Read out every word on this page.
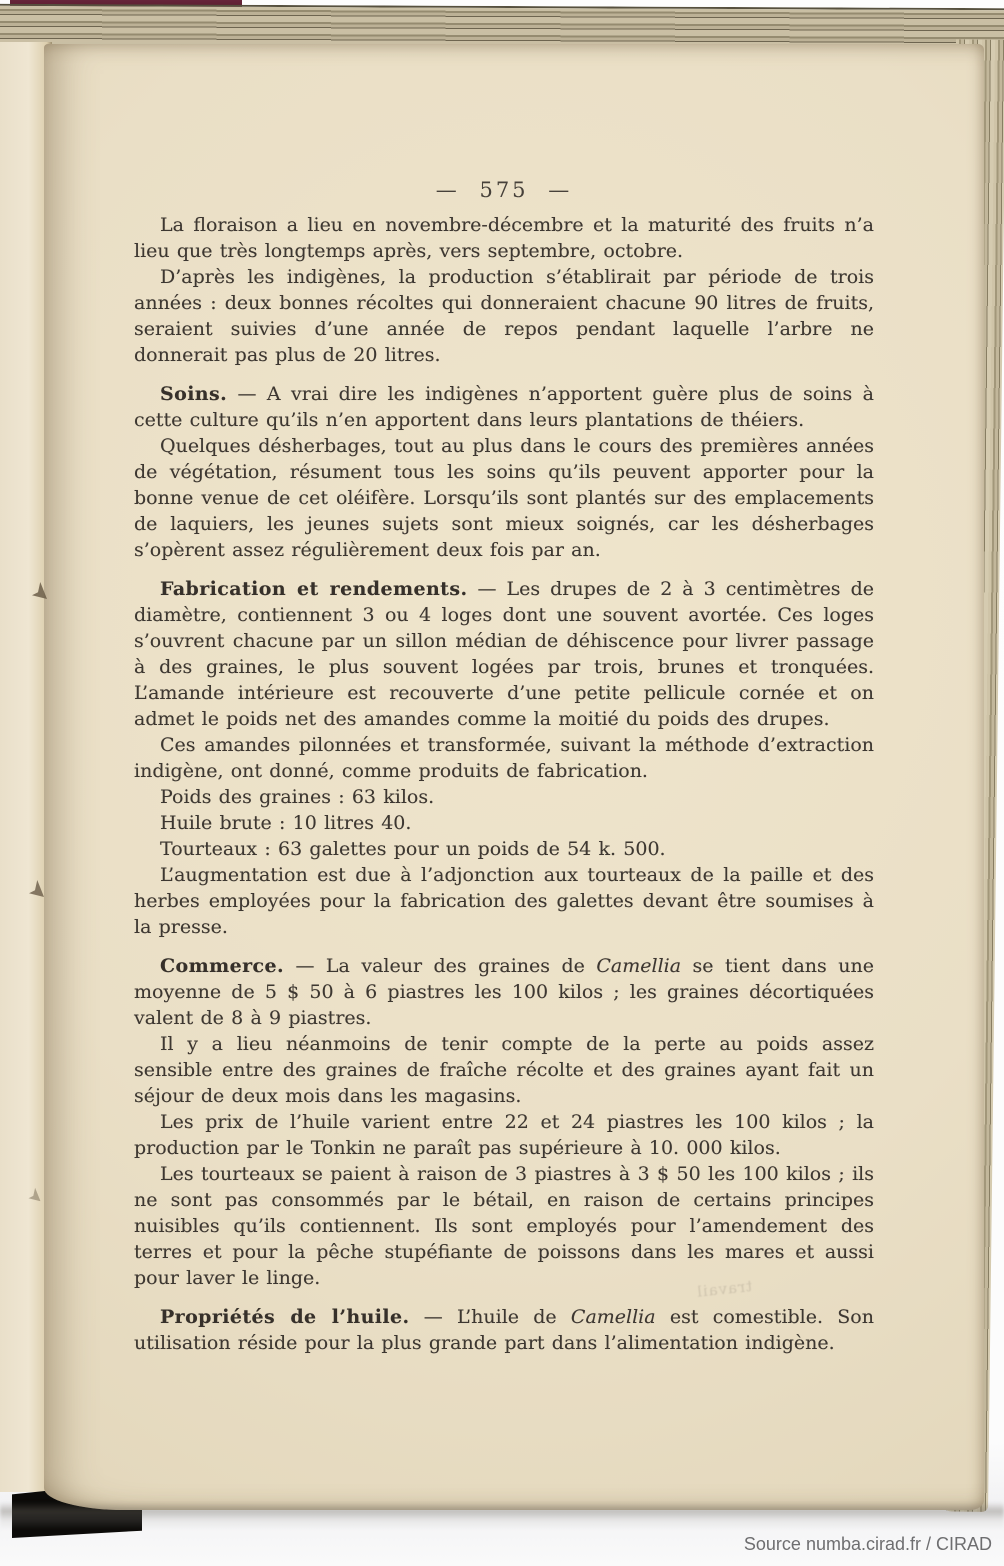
— 575 —

La floraison a lieu en novembre-décembre et la maturité des fruits n’a lieu que très longtemps après, vers septembre, octobre.

D’après les indigènes, la production s’établirait par période de trois années : deux bonnes récoltes qui donneraient chacune 90 litres de fruits, seraient suivies d’une année de repos pendant laquelle l’arbre ne donnerait pas plus de 20 litres.

Soins. — A vrai dire les indigènes n’apportent guère plus de soins à cette culture qu’ils n’en apportent dans leurs plantations de théiers.

Quelques désherbages, tout au plus dans le cours des premières années de végétation, résument tous les soins qu’ils peuvent apporter pour la bonne venue de cet oléifère. Lorsqu’ils sont plantés sur des emplacements de laquiers, les jeunes sujets sont mieux soignés, car les désherbages s’opèrent assez régulièrement deux fois par an.

Fabrication et rendements. — Les drupes de 2 à 3 centimètres de diamètre, contiennent 3 ou 4 loges dont une souvent avortée. Ces loges s’ouvrent chacune par un sillon médian de déhiscence pour livrer passage à des graines, le plus souvent logées par trois, brunes et tronquées. L’amande intérieure est recouverte d’une petite pellicule cornée et on admet le poids net des amandes comme la moitié du poids des drupes.

Ces amandes pilonnées et transformée, suivant la méthode d’extraction indigène, ont donné, comme produits de fabrication.

Poids des graines : 63 kilos.

Huile brute : 10 litres 40.

Tourteaux : 63 galettes pour un poids de 54 k. 500.

L’augmentation est due à l’adjonction aux tourteaux de la paille et des herbes employées pour la fabrication des galettes devant être soumises à la presse.

Commerce. — La valeur des graines de Camellia se tient dans une moyenne de 5 $ 50 à 6 piastres les 100 kilos ; les graines décortiquées valent de 8 à 9 piastres.

Il y a lieu néanmoins de tenir compte de la perte au poids assez sensible entre des graines de fraîche récolte et des graines ayant fait un séjour de deux mois dans les magasins.

Les prix de l’huile varient entre 22 et 24 piastres les 100 kilos ; la production par le Tonkin ne paraît pas supérieure à 10. 000 kilos.

Les tourteaux se paient à raison de 3 piastres à 3 $ 50 les 100 kilos ; ils ne sont pas consommés par le bétail, en raison de certains principes nuisibles qu’ils contiennent. Ils sont employés pour l’amendement des terres et pour la pêche stupéfiante de poissons dans les mares et aussi pour laver le linge.

Propriétés de l’huile. — L’huile de Camellia est comestible. Son utilisation réside pour la plus grande part dans l’alimentation indigène.

travail
Source numba.cirad.fr / CIRAD
